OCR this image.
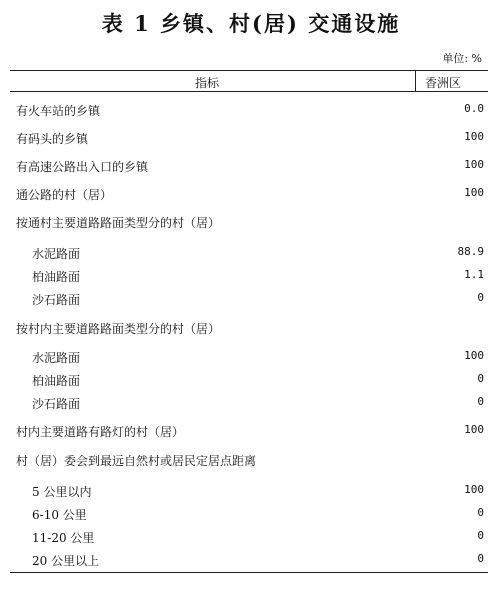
表 1 乡镇、村(居) 交通设施
单位: %
指标	香洲区
有火车站的乡镇	0.0
有码头的乡镇	100
有高速公路出入口的乡镇	100
通公路的村（居）	100
按通村主要道路路面类型分的村（居）
水泥路面	88.9
柏油路面	1.1
沙石路面	0
按村内主要道路路面类型分的村（居）
水泥路面	100
柏油路面	0
沙石路面	0
村内主要道路有路灯的村（居）	100
村（居）委会到最远自然村或居民定居点距离
5 公里以内	100
6-10 公里	0
11-20 公里	0
20 公里以上	0
